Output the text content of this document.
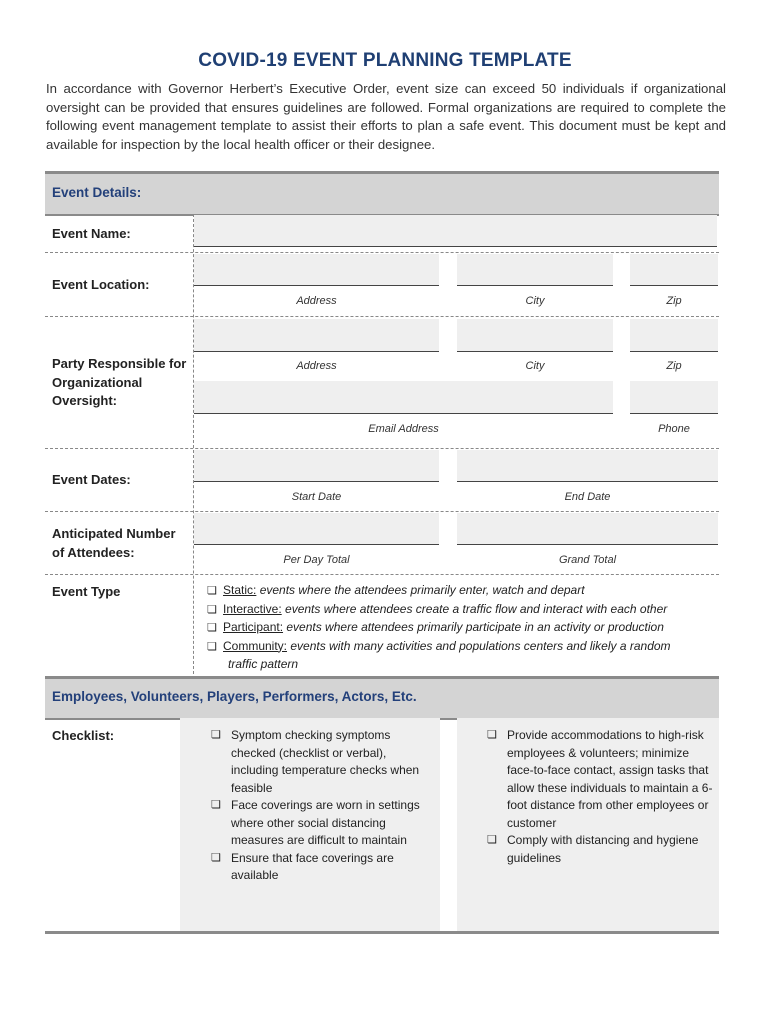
COVID-19 EVENT PLANNING TEMPLATE
In accordance with Governor Herbert’s Executive Order, event size can exceed 50 individuals if organizational oversight can be provided that ensures guidelines are followed. Formal organizations are required to complete the following event management template to assist their efforts to plan a safe event. This document must be kept and available for inspection by the local health officer or their designee.
Event Details:
Event Name:
Event Location:
Address	City	Zip
Party Responsible for
Organizational
Oversight:
Address	City	Zip
Email Address	Phone
Event Dates:
Start Date	End Date
Anticipated Number
of Attendees:
Per Day Total	Grand Total
Event Type	❏ Static: events where the attendees primarily enter, watch and depart
❏ Interactive: events where attendees create a traffic flow and interact with each other
❏ Participant: events where attendees primarily participate in an activity or production
❏ Community: events with many activities and populations centers and likely a random
traffic pattern
Employees, Volunteers, Players, Performers, Actors, Etc.
Checklist:	❏ Symptom checking symptoms checked (checklist or verbal), including temperature checks when feasible
❏ Face coverings are worn in settings where other social distancing measures are difficult to maintain
❏ Ensure that face coverings are available
❏ Provide accommodations to high-risk employees & volunteers; minimize face-to-face contact, assign tasks that allow these individuals to maintain a 6-foot distance from other employees or customer
❏ Comply with distancing and hygiene guidelines
